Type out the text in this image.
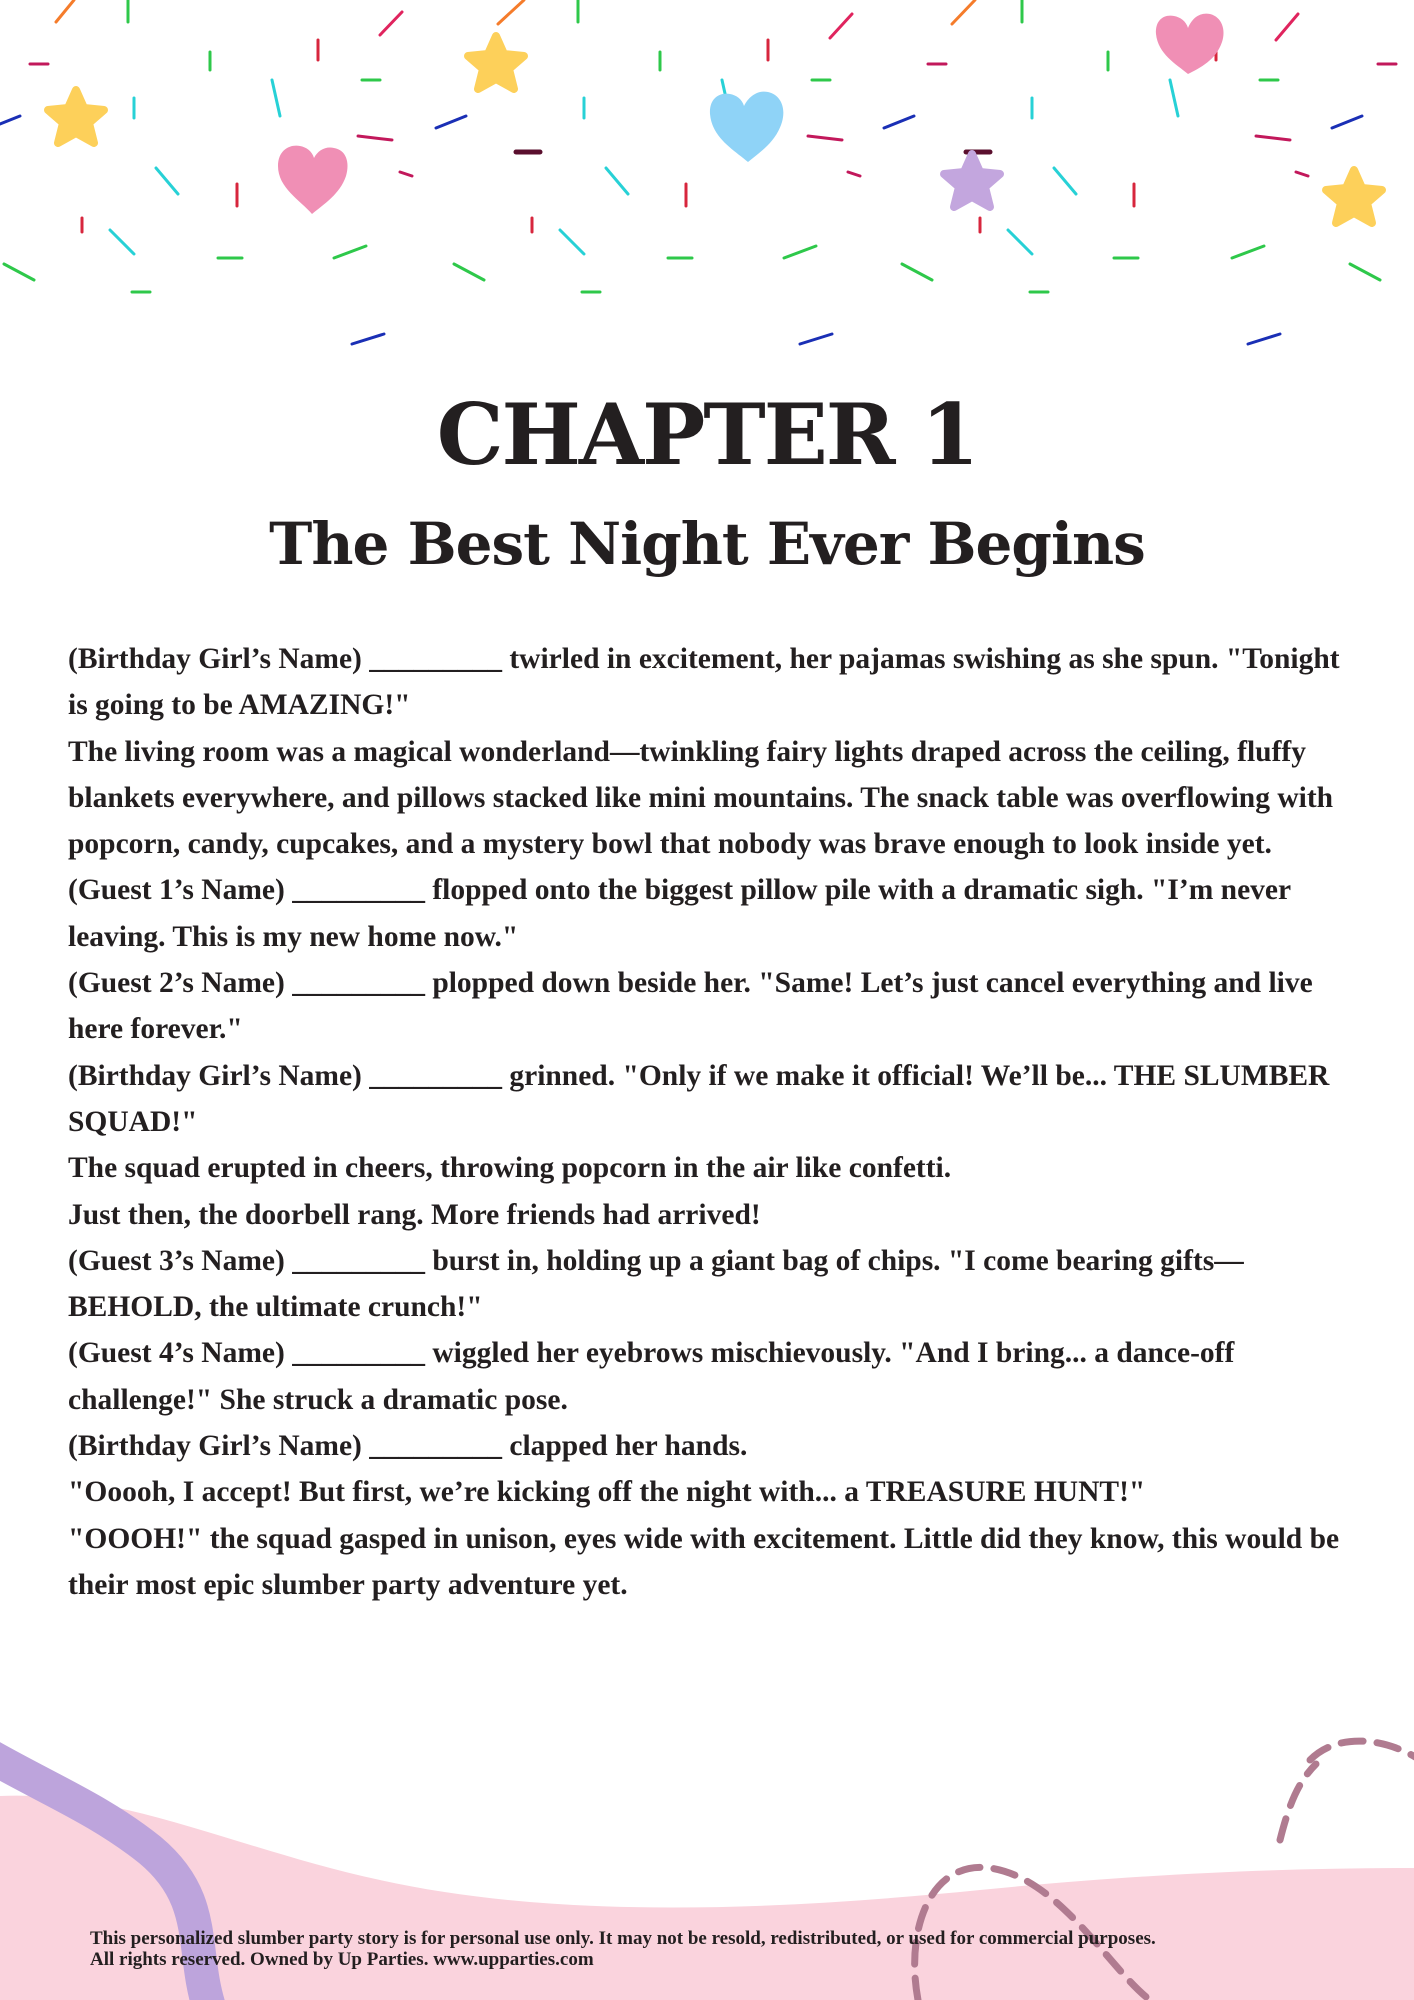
CHAPTER 1
The Best Night Ever Begins

(Birthday Girl’s Name) _________ twirled in excitement, her pajamas swishing as she spun. "Tonight is going to be AMAZING!"

The living room was a magical wonderland—twinkling fairy lights draped across the ceiling, fluffy blankets everywhere, and pillows stacked like mini mountains. The snack table was overflowing with popcorn, candy, cupcakes, and a mystery bowl that nobody was brave enough to look inside yet.

(Guest 1’s Name) _________ flopped onto the biggest pillow pile with a dramatic sigh. "I’m never leaving. This is my new home now."

(Guest 2’s Name) _________ plopped down beside her. "Same! Let’s just cancel everything and live here forever."

(Birthday Girl’s Name) _________ grinned. "Only if we make it official! We’ll be... THE SLUMBER SQUAD!"

The squad erupted in cheers, throwing popcorn in the air like confetti.

Just then, the doorbell rang. More friends had arrived!

(Guest 3’s Name) _________ burst in, holding up a giant bag of chips. "I come bearing gifts—BEHOLD, the ultimate crunch!"

(Guest 4’s Name) _________ wiggled her eyebrows mischievously. "And I bring... a dance-off challenge!" She struck a dramatic pose.

(Birthday Girl’s Name) _________ clapped her hands.

"Ooooh, I accept! But first, we’re kicking off the night with... a TREASURE HUNT!"

"OOOH!" the squad gasped in unison, eyes wide with excitement. Little did they know, this would be their most epic slumber party adventure yet.

This personalized slumber party story is for personal use only. It may not be resold, redistributed, or used for commercial purposes.
All rights reserved. Owned by Up Parties. www.upparties.com
